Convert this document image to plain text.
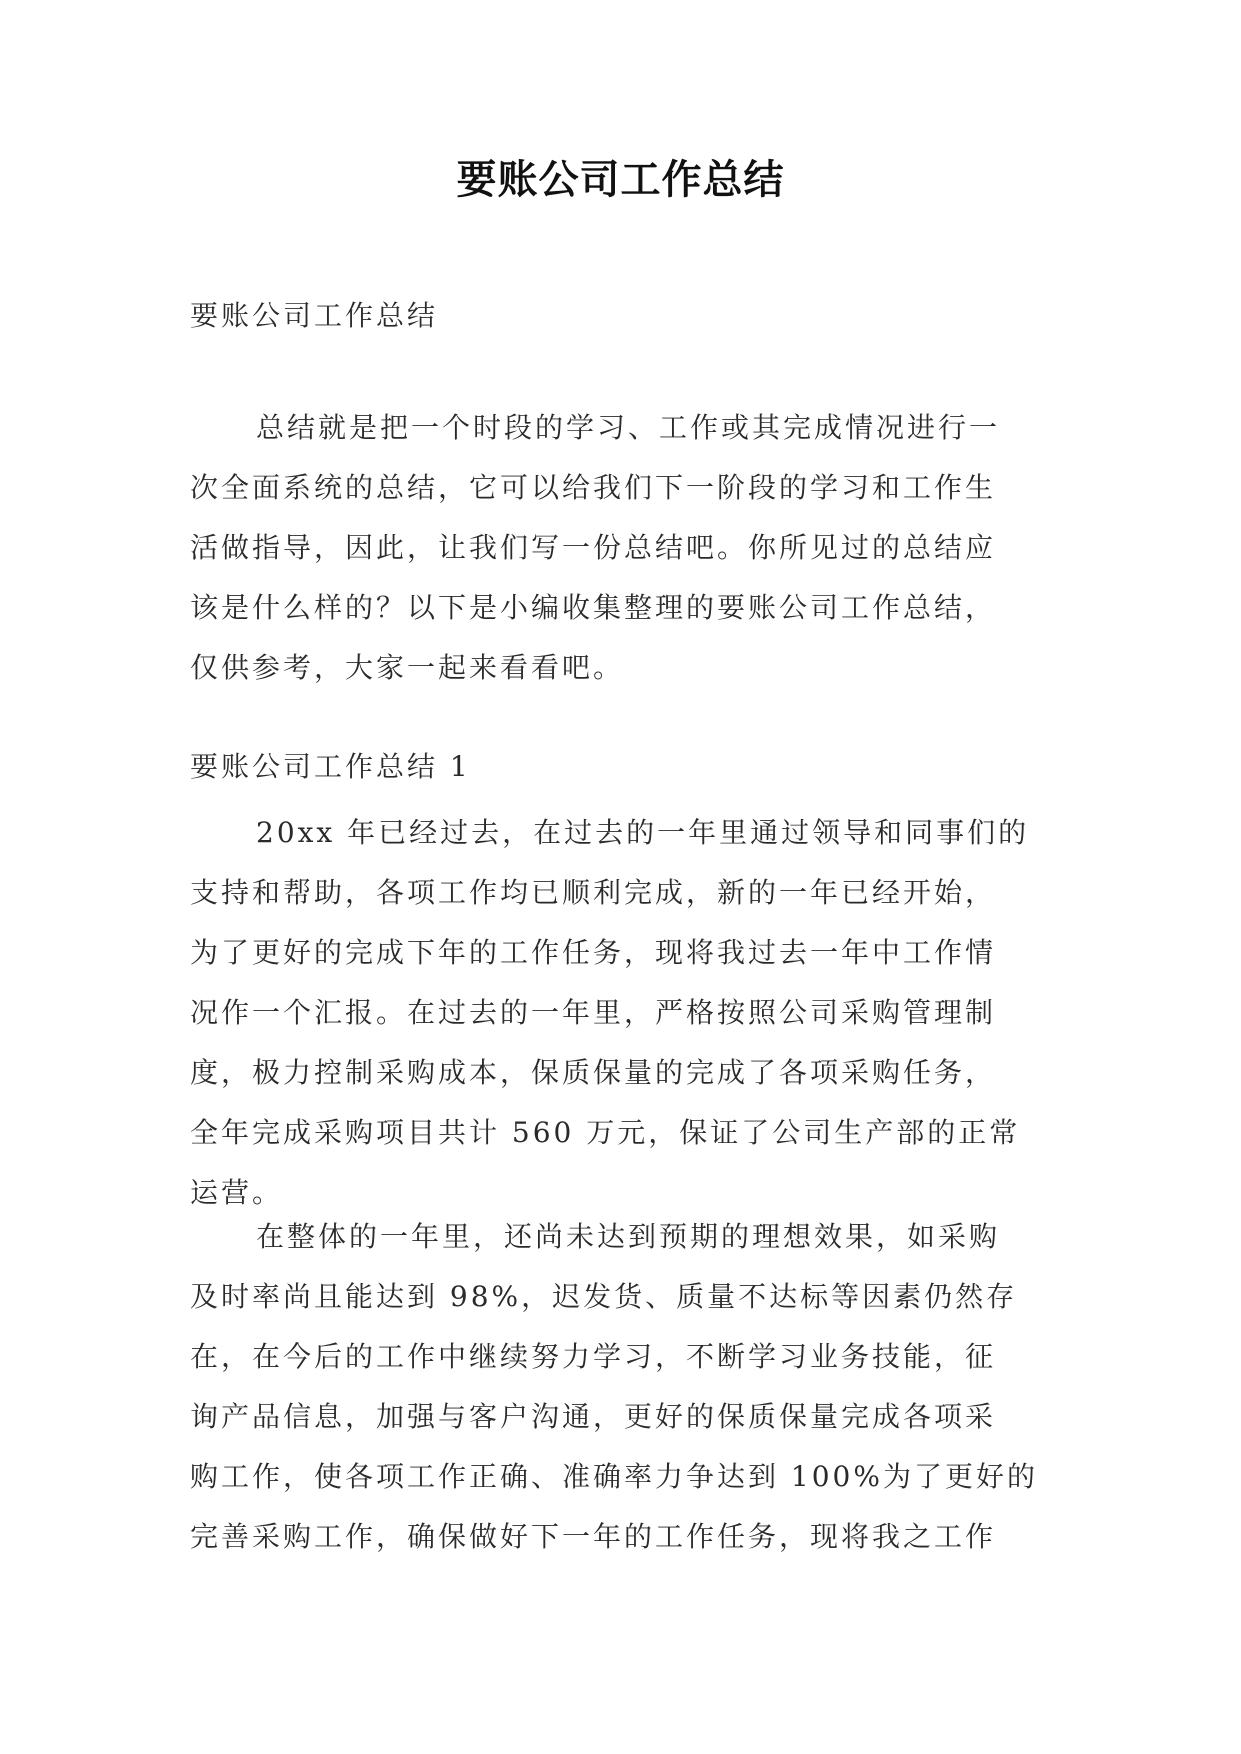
要账公司工作总结
要账公司工作总结
总结就是把一个时段的学习、工作或其完成情况进行一
次全面系统的总结，它可以给我们下一阶段的学习和工作生
活做指导，因此，让我们写一份总结吧。你所见过的总结应
该是什么样的？以下是小编收集整理的要账公司工作总结，
仅供参考，大家一起来看看吧。
要账公司工作总结 1
20xx 年已经过去，在过去的一年里通过领导和同事们的
支持和帮助，各项工作均已顺利完成，新的一年已经开始，
为了更好的完成下年的工作任务，现将我过去一年中工作情
况作一个汇报。在过去的一年里，严格按照公司采购管理制
度，极力控制采购成本，保质保量的完成了各项采购任务，
全年完成采购项目共计 560 万元，保证了公司生产部的正常
运营。
在整体的一年里，还尚未达到预期的理想效果，如采购
及时率尚且能达到 98%，迟发货、质量不达标等因素仍然存
在，在今后的工作中继续努力学习，不断学习业务技能，征
询产品信息，加强与客户沟通，更好的保质保量完成各项采
购工作，使各项工作正确、准确率力争达到 100%为了更好的
完善采购工作，确保做好下一年的工作任务，现将我之工作
